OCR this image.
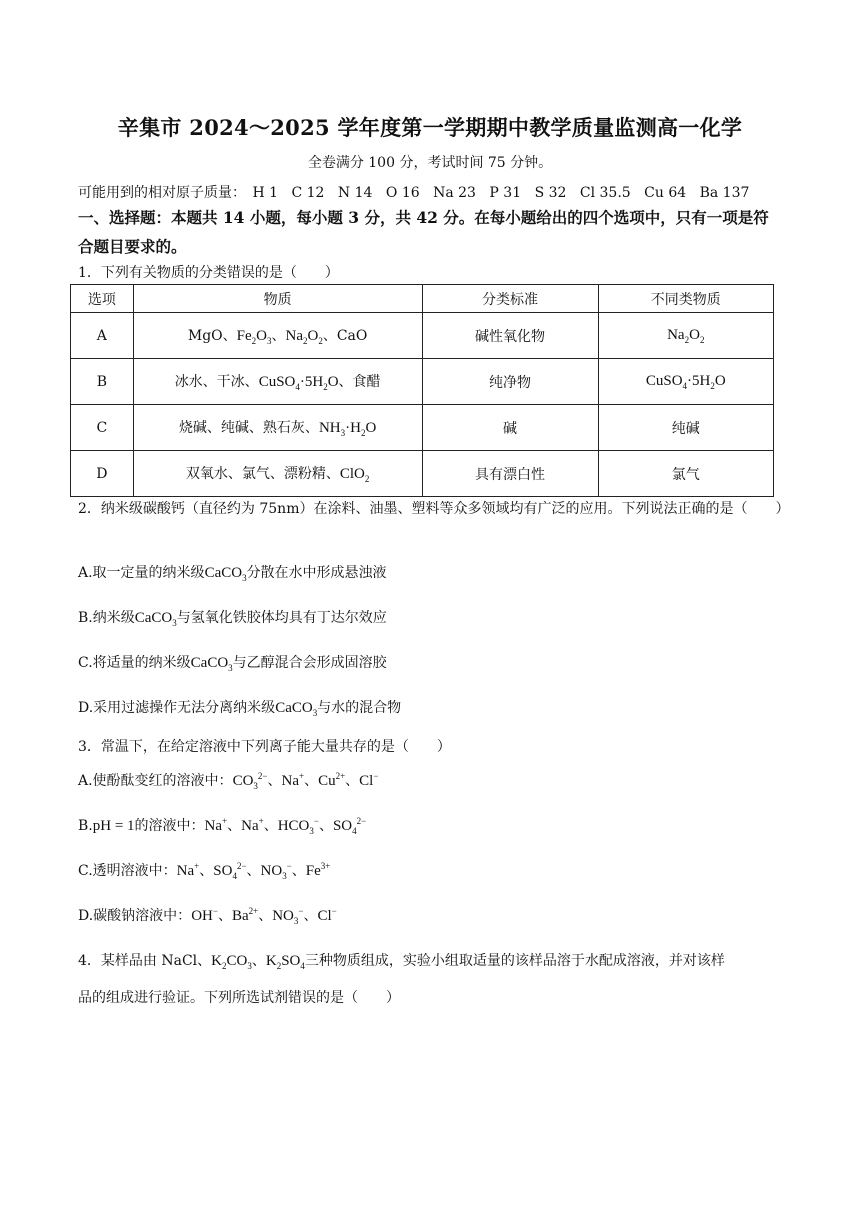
辛集市 2024～2025 学年度第一学期期中教学质量监测高一化学
全卷满分 100 分，考试时间 75 分钟。
可能用到的相对原子质量： H 1 C 12 N 14 O 16 Na 23 P 31 S 32 Cl 35.5 Cu 64 Ba 137
一、选择题：本题共 14 小题，每小题 3 分，共 42 分。在每小题给出的四个选项中，只有一项是符合题目要求的。
1．下列有关物质的分类错误的是（　　）
选项	物质	分类标准	不同类物质
A	MgO、$Fe_2O_3$、$Na_2O_2$、CaO	碱性氧化物	$Na_2O_2$
B	冰水、干冰、$CuSO_4\cdot 5H_2O$、食醋	纯净物	$CuSO_4\cdot 5H_2O$
C	烧碱、纯碱、熟石灰、$NH_3\cdot H_2O$	碱	纯碱
D	双氧水、氯气、漂粉精、ClO$_2$	具有漂白性	氯气
2．纳米级碳酸钙（直径约为 75nm）在涂料、油墨、塑料等众多领域均有广泛的应用。下列说法正确的是（　　）
A.取一定量的纳米级CaCO$_3$分散在水中形成悬浊液
B.纳米级CaCO$_3$与氢氧化铁胶体均具有丁达尔效应
C.将适量的纳米级CaCO$_3$与乙醇混合会形成固溶胶
D.采用过滤操作无法分离纳米级CaCO$_3$与水的混合物
3．常温下，在给定溶液中下列离子能大量共存的是（　　）
A.使酚酞变红的溶液中：$CO_3^{2-}$、Na+、$Cu^{2+}$、Cl−
B.pH = 1的溶液中：Na+、Na+、$HCO_3^-$、$SO_4^{2-}$
C.透明溶液中：Na+、$SO_4^{2-}$、$NO_3^-$、$Fe^{3+}$
D.碳酸钠溶液中：OH−、$Ba^{2+}$、$NO_3^-$、Cl−
4．某样品由 NaCl、$K_2CO_3$、$K_2SO_4$三种物质组成，实验小组取适量的该样品溶于水配成溶液，并对该样
品的组成进行验证。下列所选试剂错误的是（　　）
